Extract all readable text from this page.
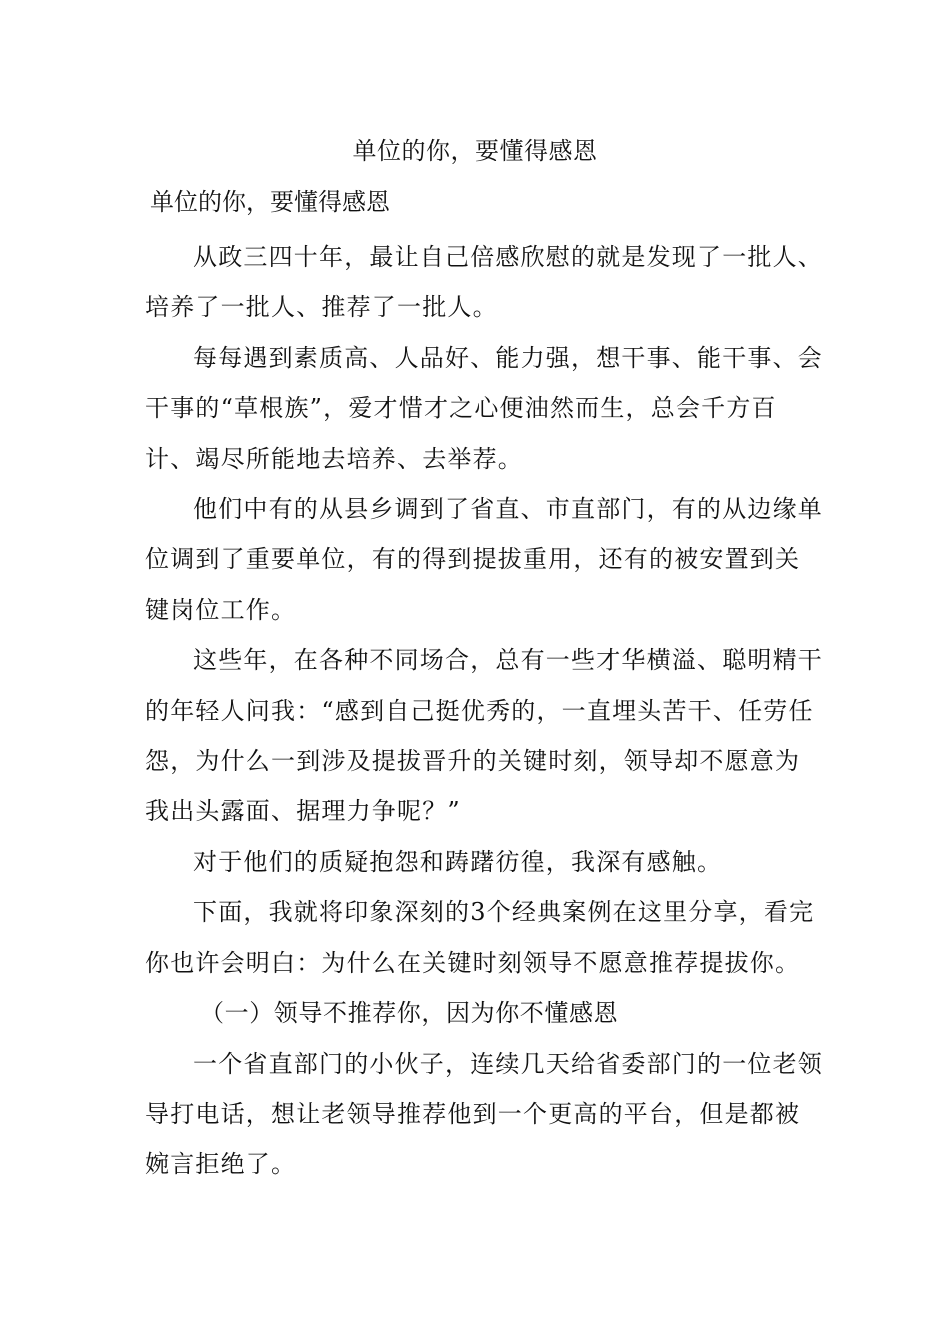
单位的你，要懂得感恩
单位的你，要懂得感恩

从政三四十年，最让自己倍感欣慰的就是发现了一批人、培养了一批人、推荐了一批人。

每每遇到素质高、人品好、能力强，想干事、能干事、会干事的“草根族”，爱才惜才之心便油然而生，总会千方百计、竭尽所能地去培养、去举荐。

他们中有的从县乡调到了省直、市直部门，有的从边缘单位调到了重要单位，有的得到提拔重用，还有的被安置到关键岗位工作。

这些年，在各种不同场合，总有一些才华横溢、聪明精干的年轻人问我：“感到自己挺优秀的，一直埋头苦干、任劳任怨，为什么一到涉及提拔晋升的关键时刻，领导却不愿意为我出头露面、据理力争呢？”

对于他们的质疑抱怨和踌躇彷徨，我深有感触。

下面，我就将印象深刻的3个经典案例在这里分享，看完你也许会明白：为什么在关键时刻领导不愿意推荐提拔你。

（一）领导不推荐你，因为你不懂感恩

一个省直部门的小伙子，连续几天给省委部门的一位老领导打电话，想让老领导推荐他到一个更高的平台，但是都被婉言拒绝了。
